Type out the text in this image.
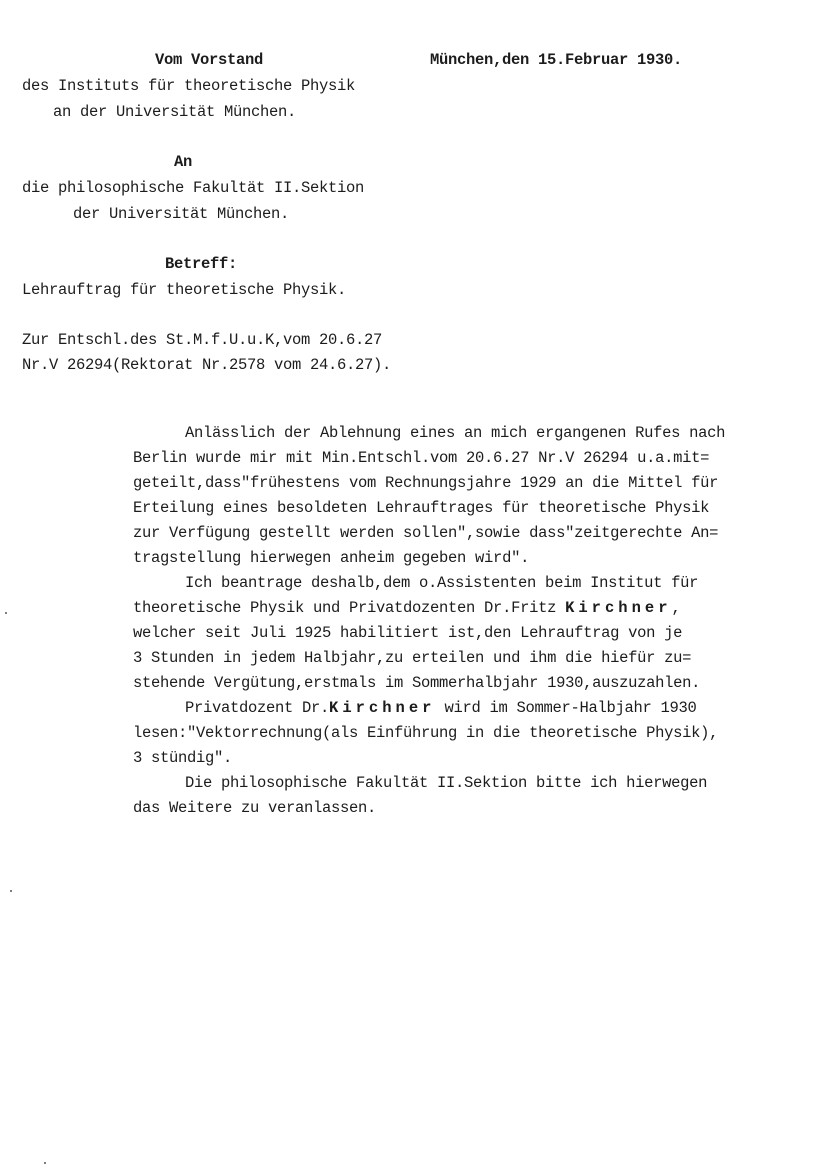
Vom Vorstand
des Instituts für theoretische Physik
an der Universität München.
München,den 15.Februar 1930.
An
die philosophische Fakultät II.Sektion
der Universität München.
Betreff:
Lehrauftrag für theoretische Physik.
Zur Entschl.des St.M.f.U.u.K,vom 20.6.27
Nr.V 26294(Rektorat Nr.2578 vom 24.6.27).
Anlässlich der Ablehnung eines an mich ergangenen Rufes nach
Berlin wurde mir mit Min.Entschl.vom 20.6.27 Nr.V 26294 u.a.mit=
geteilt,dass"frühestens vom Rechnungsjahre 1929 an die Mittel für
Erteilung eines besoldeten Lehrauftrages für theoretische Physik
zur Verfügung gestellt werden sollen",sowie dass"zeitgerechte An=
tragstellung hierwegen anheim gegeben wird".
Ich beantrage deshalb,dem o.Assistenten beim Institut für
theoretische Physik und Privatdozenten Dr.Fritz Kirchner,
welcher seit Juli 1925 habilitiert ist,den Lehrauftrag von je
3 Stunden in jedem Halbjahr,zu erteilen und ihm die hiefür zu=
stehende Vergütung,erstmals im Sommerhalbjahr 1930,auszuzahlen.
Privatdozent Dr.Kirchner wird im Sommer-Halbjahr 1930
lesen:"Vektorrechnung(als Einführung in die theoretische Physik),
3 stündig".
Die philosophische Fakultät II.Sektion bitte ich hierwegen
das Weitere zu veranlassen.
